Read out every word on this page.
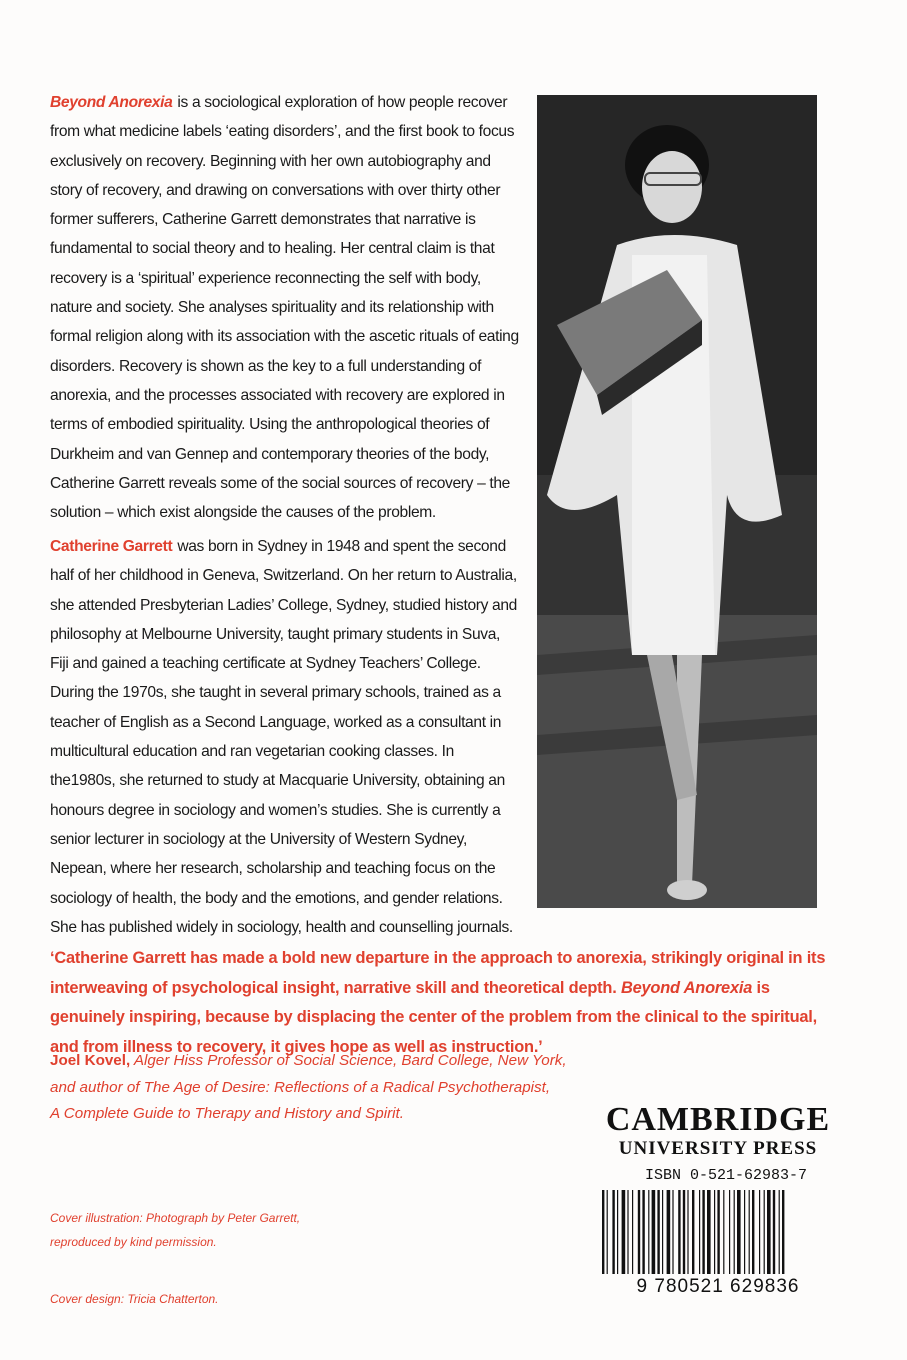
Beyond Anorexia is a sociological exploration of how people recover from what medicine labels ‘eating disorders’, and the first book to focus exclusively on recovery. Beginning with her own autobiography and story of recovery, and drawing on conversations with over thirty other former sufferers, Catherine Garrett demonstrates that narrative is fundamental to social theory and to healing. Her central claim is that recovery is a ‘spiritual’ experience reconnecting the self with body, nature and society. She analyses spirituality and its relationship with formal religion along with its association with the ascetic rituals of eating disorders. Recovery is shown as the key to a full understanding of anorexia, and the processes associated with recovery are explored in terms of embodied spirituality. Using the anthropological theories of Durkheim and van Gennep and contemporary theories of the body, Catherine Garrett reveals some of the social sources of recovery – the solution – which exist alongside the causes of the problem.

Catherine Garrett was born in Sydney in 1948 and spent the second half of her childhood in Geneva, Switzerland. On her return to Australia, she attended Presbyterian Ladies’ College, Sydney, studied history and philosophy at Melbourne University, taught primary students in Suva, Fiji and gained a teaching certificate at Sydney Teachers’ College. During the 1970s, she taught in several primary schools, trained as a teacher of English as a Second Language, worked as a consultant in multicultural education and ran vegetarian cooking classes. In the1980s, she returned to study at Macquarie University, obtaining an honours degree in sociology and women’s studies. She is currently a senior lecturer in sociology at the University of Western Sydney, Nepean, where her research, scholarship and teaching focus on the sociology of health, the body and the emotions, and gender relations. She has published widely in sociology, health and counselling journals.
‘Catherine Garrett has made a bold new departure in the approach to anorexia, strikingly original in its interweaving of psychological insight, narrative skill and theoretical depth. Beyond Anorexia is genuinely inspiring, because by displacing the center of the problem from the clinical to the spiritual, and from illness to recovery, it gives hope as well as instruction.’
Joel Kovel, Alger Hiss Professor of Social Science, Bard College, New York,
and author of The Age of Desire: Reflections of a Radical Psychotherapist,
A Complete Guide to Therapy and History and Spirit.
Cover illustration: Photograph by Peter Garrett,
reproduced by kind permission.
Cover design: Tricia Chatterton.
CAMBRIDGE
UNIVERSITY PRESS
ISBN 0-521-62983-7
9 780521 629836
